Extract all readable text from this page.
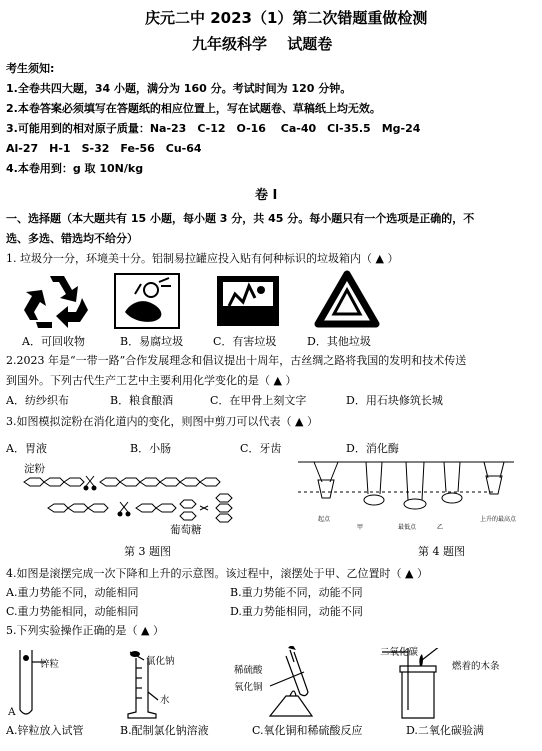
庆元二中 2023（1）第二次错题重做检测
九年级科学　 试题卷
考生须知:
1.全卷共四大题，34 小题，满分为 160 分。考试时间为 120 分钟。
2.本卷答案必须填写在答题纸的相应位置上，写在试题卷、草稿纸上均无效。
3.可能用到的相对原子质量：Na-23　C-12　O-16　 Ca-40　Cl-35.5　Mg-24
Al-27　H-1　S-32　Fe-56　Cu-64
4.本卷用到：g 取 10N/kg
卷 I
一、选择题（本大题共有 15 小题，每小题 3 分，共 45 分。每小题只有一个选项是正确的，不
选、多选、错选均不给分）
1. 垃圾分一分，环境美十分。铝制易拉罐应投入贴有何种标识的垃圾箱内（ ▲ ）
A．可回收物	B．易腐垃圾	C．有害垃圾	D．其他垃圾
2.2023 年是“一带一路”合作发展理念和倡议提出十周年，古丝绸之路将我国的发明和技术传送
到国外。下列古代生产工艺中主要利用化学变化的是（ ▲ ）
A．纺纱织布	B．粮食酿酒	C．在甲骨上刻文字	D．用石块修筑长城
3.如图模拟淀粉在消化道内的变化，则图中剪刀可以代表（ ▲ ）
A．胃液	B．小肠	C．牙齿	D．消化酶
淀粉
葡萄糖
起点
甲	最低点	乙
上升的最高点
第 3 题图	第 4 题图
4.如图是滚摆完成一次下降和上升的示意图。该过程中，滚摆处于甲、乙位置时（ ▲ ）
A.重力势能不同，动能相同	B.重力势能不同，动能不同
C.重力势能相同，动能相同	D.重力势能相同，动能不同
5.下列实验操作正确的是（ ▲ ）
锌粒
A
氯化钠
水
稀硫酸
氧化铜
二氧化碳
燃着的木条
A.锌粒放入试管	B.配制氯化钠溶液	C.氧化铜和稀硫酸反应	D.二氧化碳验满
